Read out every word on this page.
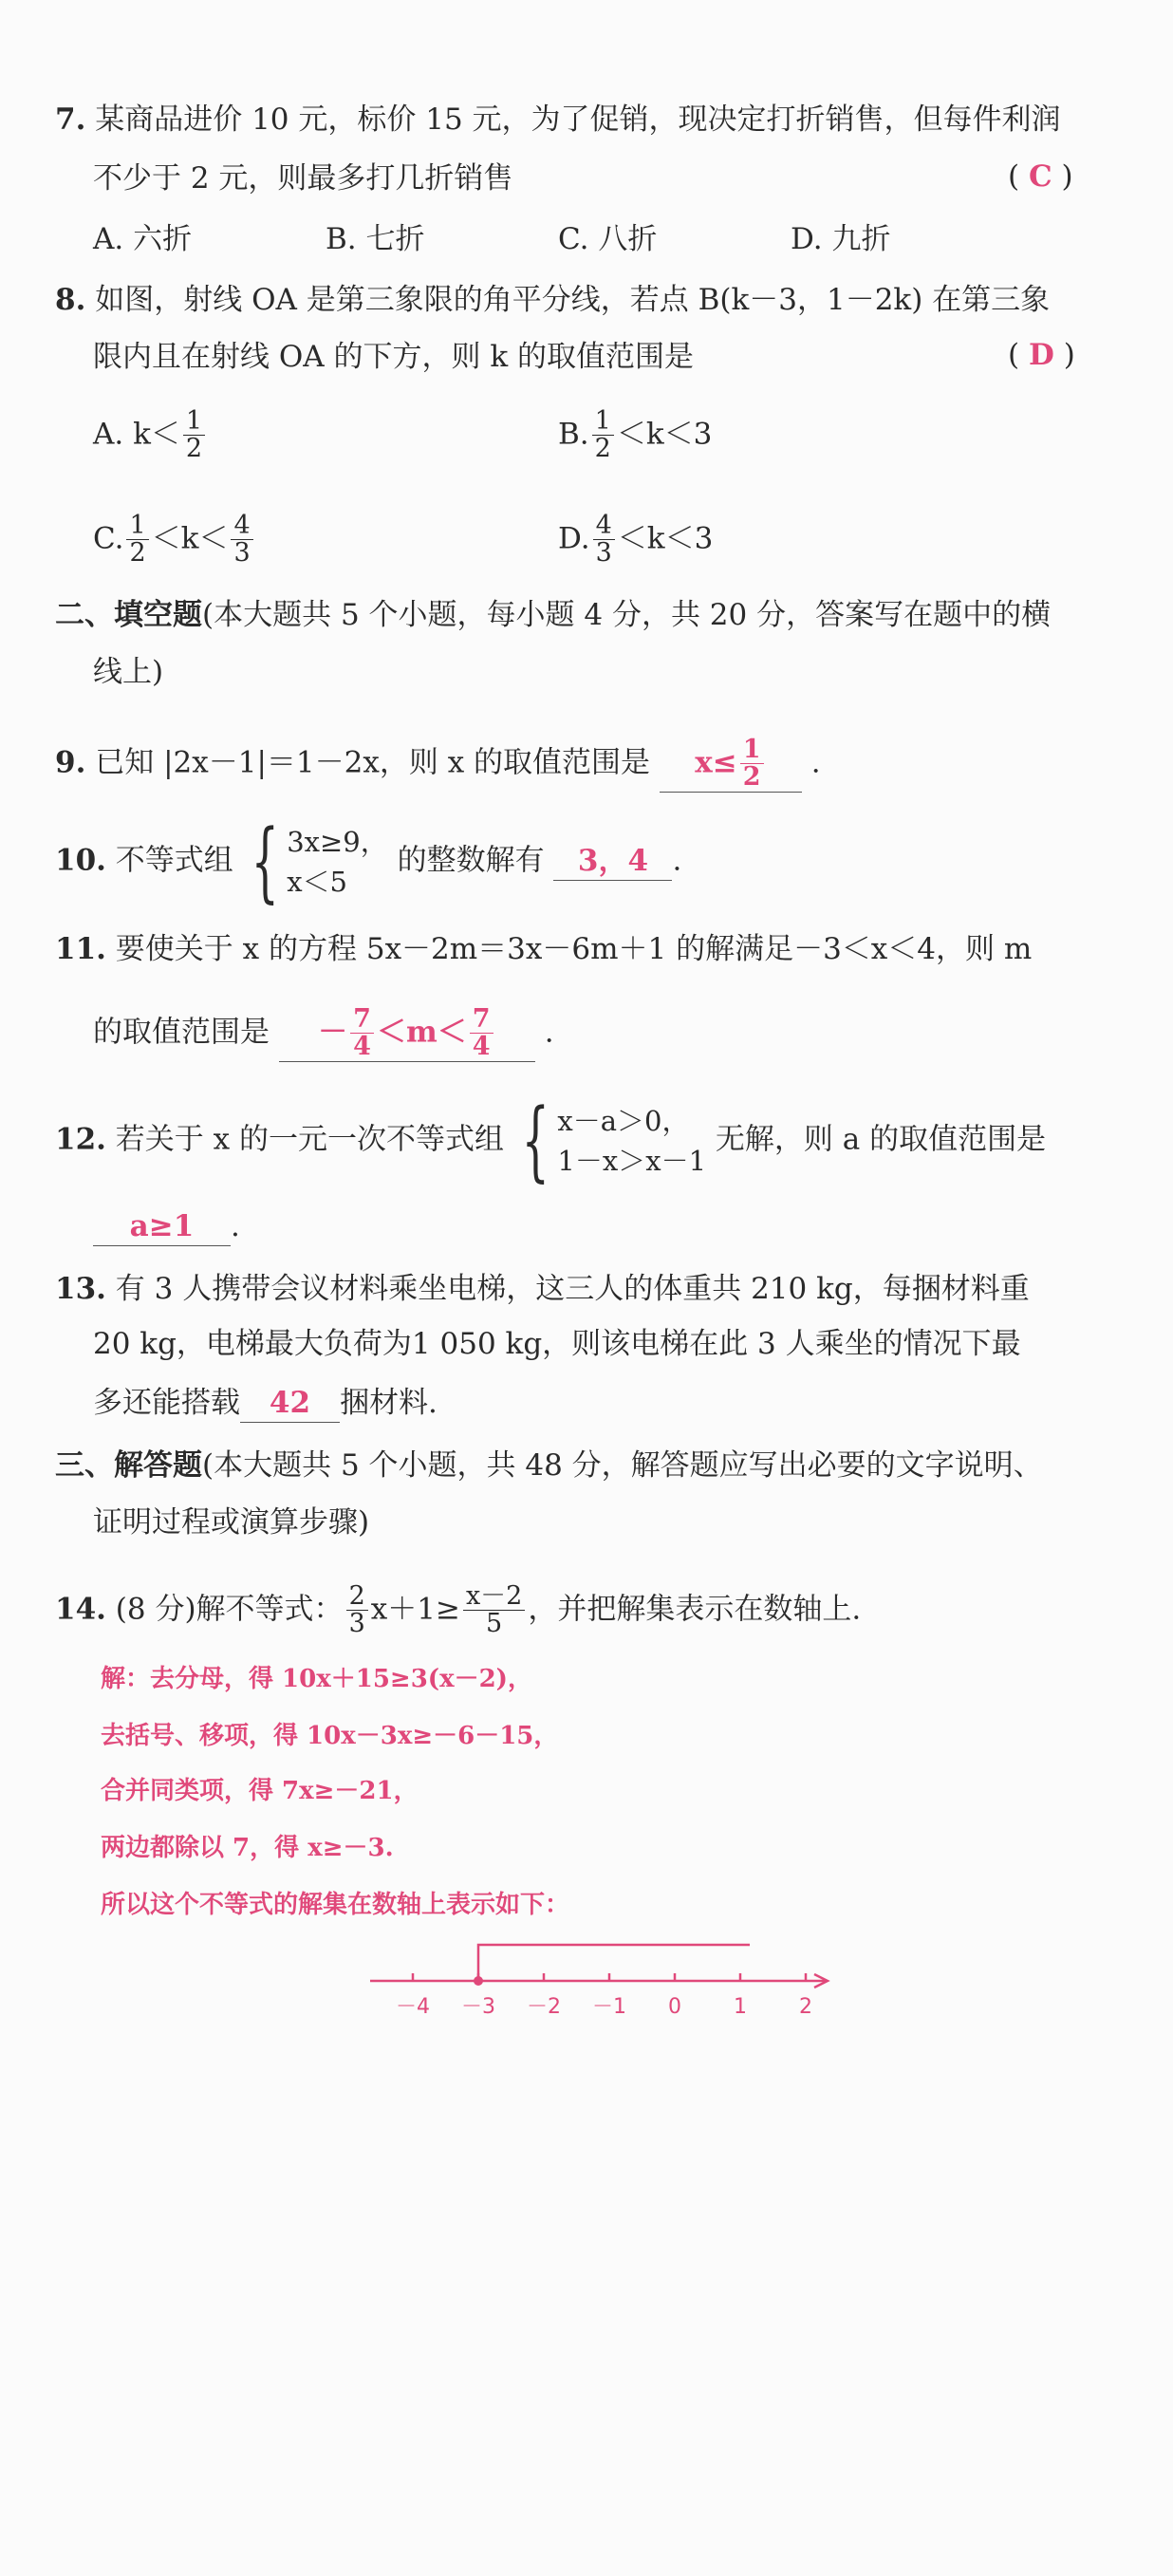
7. 某商品进价 10 元，标价 15 元，为了促销，现决定打折销售，但每件利润
不少于 2 元，则最多打几折销售	( C )
A. 六折	B. 七折	C. 八折	D. 九折
8. 如图，射线 OA 是第三象限的角平分线，若点 B(k－3，1－2k) 在第三象
限内且在射线 OA 的下方，则 k 的取值范围是	( D )
A. $k< \frac{1}{2}$	B. $\frac{1}{2} <k<3$
C. $\frac{1}{2} <k< \frac{4}{3}$	D. $\frac{4}{3} <k<3$
二、填空题(本大题共 5 个小题，每小题 4 分，共 20 分，答案写在题中的横
线上)
9. 已知 |2x－1|＝1－2x，则 x 的取值范围是 $x\le \frac{1}{2}$ .
10. 不等式组 { 3x≥9，
x＜5
的整数解有 3，4 .
11. 要使关于 x 的方程 5x－2m＝3x－6m＋1 的解满足－3＜x＜4，则 m
的取值范围是 － $\frac{7}{4} <m< \frac{7}{4}$ .
12. 若关于 x 的一元一次不等式组 { x－a＞0，
1－x＞x－1
无解，则 a 的取值范围是
a≥1 .
13. 有 3 人携带会议材料乘坐电梯，这三人的体重共 210 kg，每捆材料重
20 kg，电梯最大负荷为1 050 kg，则该电梯在此 3 人乘坐的情况下最
多还能搭载 42 捆材料.
三、解答题(本大题共 5 个小题，共 48 分，解答题应写出必要的文字说明、
证明过程或演算步骤)
14. (8 分)解不等式： $\frac{2}{3} x+1\ge \frac{x-2}{5}$ ，并把解集表示在数轴上.
解：去分母，得 10x＋15≥3(x－2)，
去括号、移项，得 10x－3x≥－6－15，
合并同类项，得 7x≥－21，
两边都除以 7，得 x≥－3.
所以这个不等式的解集在数轴上表示如下：
－4 －3 －2 －1 0	1	2
